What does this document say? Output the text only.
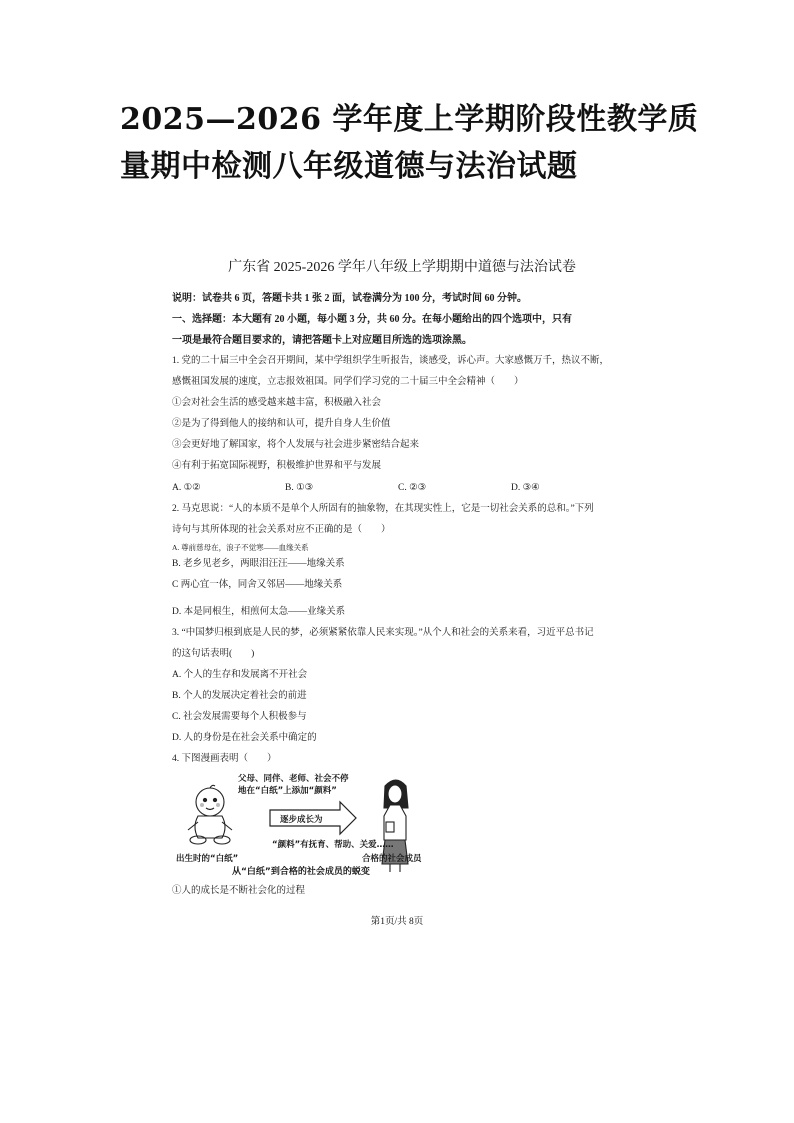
2025—2026 学年度上学期阶段性教学质量期中检测八年级道德与法治试题

广东省 2025-2026 学年八年级上学期期中道德与法治试卷

说明：试卷共 6 页，答题卡共 1 张 2 面，试卷满分为 100 分，考试时间 60 分钟。

一、选择题：本大题有 20 小题，每小题 3 分，共 60 分。在每小题给出的四个选项中，只有

一项是最符合题目要求的，请把答题卡上对应题目所选的选项涂黑。

1. 党的二十届三中全会召开期间，某中学组织学生听报告，谈感受，诉心声。大家感慨万千，热议不断，

感慨祖国发展的速度，立志报效祖国。同学们学习党的二十届三中全会精神（　　）

①会对社会生活的感受越来越丰富，积极融入社会

②是为了得到他人的接纳和认可，提升自身人生价值

③会更好地了解国家，将个人发展与社会进步紧密结合起来

④有利于拓宽国际视野，积极维护世界和平与发展

A. ①②	B. ①③	C. ②③	D. ③④

2. 马克思说：“人的本质不是单个人所固有的抽象物，在其现实性上，它是一切社会关系的总和。”下列

诗句与其所体现的社会关系对应不正确的是（　　）

A. 尊前慈母在，浪子不觉寒——血缘关系

B. 老乡见老乡，两眼泪汪汪——地缘关系

C 两心宜一体，同舍又邻居——地缘关系

D. 本是同根生，相煎何太急——业缘关系

3. “中国梦归根到底是人民的梦，必须紧紧依靠人民来实现。”从个人和社会的关系来看，习近平总书记

的这句话表明(　　)

A. 个人的生存和发展离不开社会

B. 个人的发展决定着社会的前进

C. 社会发展需要每个人积极参与

D. 人的身份是在社会关系中确定的

4. 下图漫画表明（　　）

父母、同伴、老师、社会不停
地在“白纸”上添加“颜料”
逐步成长为
“颜料”有抚育、帮助、关爱……
出生时的“白纸”	合格的社会成员
从“白纸”到合格的社会成员的蜕变

①人的成长是不断社会化的过程

第1页/共 8页
